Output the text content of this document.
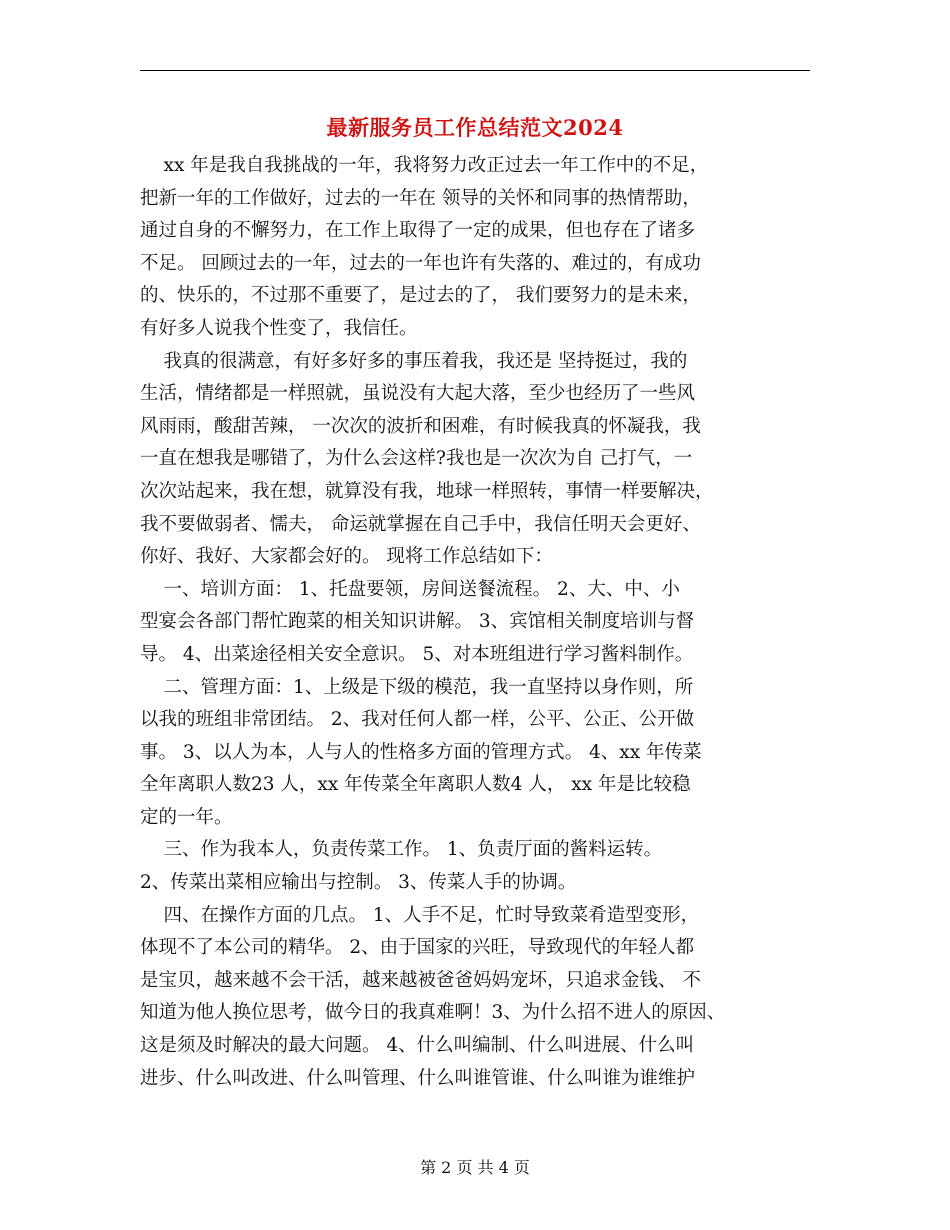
最新服务员工作总结范文2024
xx 年是我自我挑战的一年，我将努力改正过去一年工作中的不足，
把新一年的工作做好，过去的一年在 领导的关怀和同事的热情帮助，
通过自身的不懈努力，在工作上取得了一定的成果，但也存在了诸多
不足。 回顾过去的一年，过去的一年也许有失落的、难过的，有成功
的、快乐的，不过那不重要了，是过去的了， 我们要努力的是未来，
有好多人说我个性变了，我信任。
我真的很满意，有好多好多的事压着我，我还是 坚持挺过，我的
生活，情绪都是一样照就，虽说没有大起大落，至少也经历了一些风
风雨雨，酸甜苦辣， 一次次的波折和困难，有时候我真的怀凝我，我
一直在想我是哪错了，为什么会这样?我也是一次次为自 己打气，一
次次站起来，我在想，就算没有我，地球一样照转，事情一样要解决，
我不要做弱者、懦夫， 命运就掌握在自己手中，我信任明天会更好、
你好、我好、大家都会好的。 现将工作总结如下：
一、培训方面： 1、托盘要领，房间送餐流程。 2、大、中、小
型宴会各部门帮忙跑菜的相关知识讲解。 3、宾馆相关制度培训与督
导。 4、出菜途径相关安全意识。 5、对本班组进行学习酱料制作。
二、管理方面：1、上级是下级的模范，我一直坚持以身作则，所
以我的班组非常团结。 2、我对任何人都一样，公平、公正、公开做
事。 3、以人为本，人与人的性格多方面的管理方式。 4、xx 年传菜
全年离职人数23 人，xx 年传菜全年离职人数4 人， xx 年是比较稳
定的一年。
三、作为我本人，负责传菜工作。 1、负责厅面的酱料运转。
2、传菜出菜相应输出与控制。 3、传菜人手的协调。
四、在操作方面的几点。 1、人手不足，忙时导致菜肴造型变形，
体现不了本公司的精华。 2、由于国家的兴旺，导致现代的年轻人都
是宝贝，越来越不会干活，越来越被爸爸妈妈宠坏，只追求金钱、 不
知道为他人换位思考，做今日的我真难啊！3、为什么招不进人的原因、
这是须及时解决的最大问题。 4、什么叫编制、什么叫进展、什么叫
进步、什么叫改进、什么叫管理、什么叫谁管谁、什么叫谁为谁维护
第 2 页 共 4 页
